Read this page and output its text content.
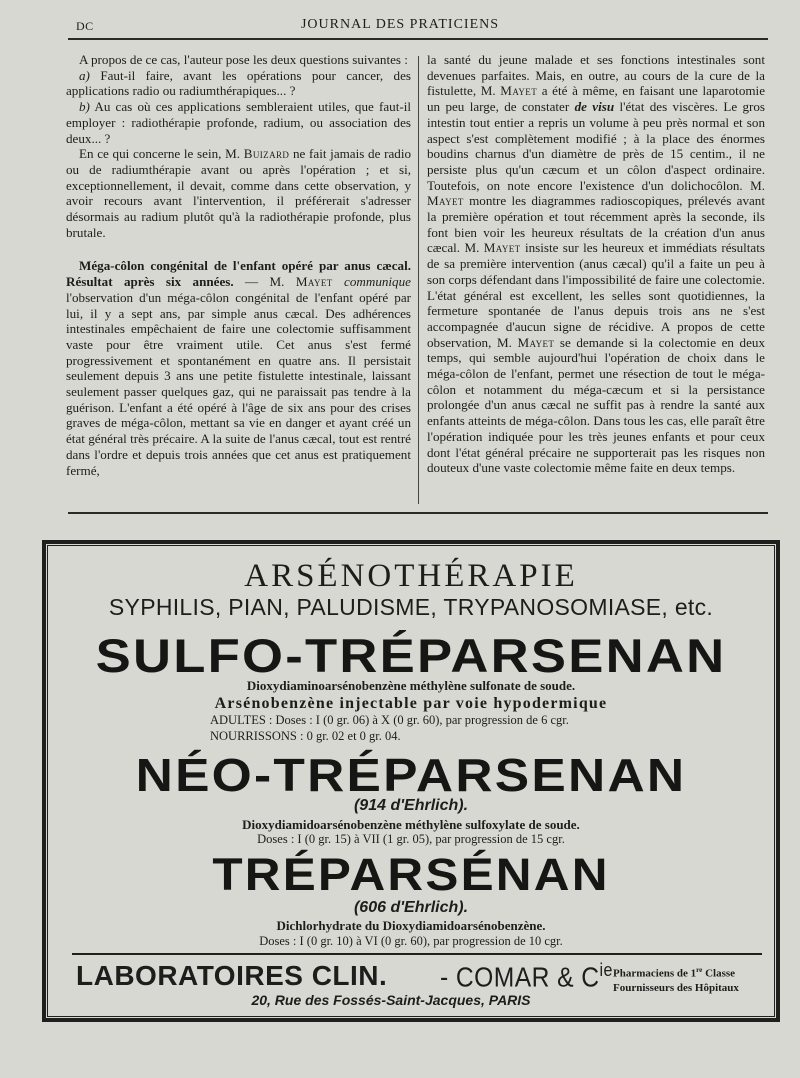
DC	JOURNAL DES PRATICIENS

A propos de ce cas, l'auteur pose les deux questions suivantes :

a) Faut-il faire, avant les opérations pour cancer, des applications radio ou radiumthérapiques... ?

b) Au cas où ces applications sembleraient utiles, que faut-il employer : radiothérapie profonde, radium, ou association des deux... ?

En ce qui concerne le sein, M. Buizard ne fait jamais de radio ou de radiumthérapie avant ou après l'opération ; et si, exceptionnellement, il devait, comme dans cette observation, y avoir recours avant l'intervention, il préférerait s'adresser désormais au radium plutôt qu'à la radiothérapie profonde, plus brutale.

Méga-côlon congénital de l'enfant opéré par anus cæcal. Résultat après six années. — M. Mayet communique l'observation d'un méga-côlon congénital de l'enfant opéré par lui, il y a sept ans, par simple anus cæcal. Des adhérences intestinales empêchaient de faire une colectomie suffisamment vaste pour être vraiment utile. Cet anus s'est fermé progressivement et spontanément en quatre ans. Il persistait seulement depuis 3 ans une petite fistulette intestinale, laissant seulement passer quelques gaz, qui ne paraissait pas tendre à la guérison. L'enfant a été opéré à l'âge de six ans pour des crises graves de méga-côlon, mettant sa vie en danger et ayant créé un état général très précaire. A la suite de l'anus cæcal, tout est rentré dans l'ordre et depuis trois années que cet anus est pratiquement fermé,

la santé du jeune malade et ses fonctions intestinales sont devenues parfaites. Mais, en outre, au cours de la cure de la fistulette, M. Mayet a été à même, en faisant une laparotomie un peu large, de constater de visu l'état des viscères. Le gros intestin tout entier a repris un volume à peu près normal et son aspect s'est complètement modifié ; à la place des énormes boudins charnus d'un diamètre de près de 15 centim., il ne persiste plus qu'un cæcum et un côlon d'aspect ordinaire. Toutefois, on note encore l'existence d'un dolichocôlon. M. Mayet montre les diagrammes radioscopiques, prélevés avant la première opération et tout récemment après la seconde, ils font bien voir les heureux résultats de la création d'un anus cæcal. M. Mayet insiste sur les heureux et immédiats résultats de sa première intervention (anus cæcal) qu'il a faite un peu à son corps défendant dans l'impossibilité de faire une colectomie. L'état général est excellent, les selles sont quotidiennes, la fermeture spontanée de l'anus depuis trois ans ne s'est accompagnée d'aucun signe de récidive. A propos de cette observation, M. Mayet se demande si la colectomie en deux temps, qui semble aujourd'hui l'opération de choix dans le méga-côlon de l'enfant, permet une résection de tout le méga-côlon et notamment du méga-cæcum et si la persistance prolongée d'un anus cæcal ne suffit pas à rendre la santé aux enfants atteints de méga-côlon. Dans tous les cas, elle paraît être l'opération indiquée pour les très jeunes enfants et pour ceux dont l'état général précaire ne supporterait pas les risques non douteux d'une vaste colectomie même faite en deux temps.

ARSÉNOTHÉRAPIE
SYPHILIS, PIAN, PALUDISME, TRYPANOSOMIASE, etc.
SULFO-TRÉPARSENAN
Dioxydiaminoarsénobenzène méthylène sulfonate de soude.
Arsénobenzène injectable par voie hypodermique
ADULTES : Doses : I (0 gr. 06) à X (0 gr. 60), par progression de 6 cgr.
NOURRISSONS : 0 gr. 02 et 0 gr. 04.
NÉO-TRÉPARSENAN
(914 d'Ehrlich).
Dioxydiamidoarsénobenzène méthylène sulfoxylate de soude.
Doses : I (0 gr. 15) à VII (1 gr. 05), par progression de 15 cgr.
TRÉPARSÉNAN
(606 d'Ehrlich).
Dichlorhydrate du Dioxydiamidoarsénobenzène.
Doses : I (0 gr. 10) à VI (0 gr. 60), par progression de 10 cgr.
LABORATOIRES CLIN. - COMAR & $C^{ie}$ Pharmaciens de 1re Classe
Fournisseurs des Hôpitaux
20, Rue des Fossés-Saint-Jacques, PARIS
